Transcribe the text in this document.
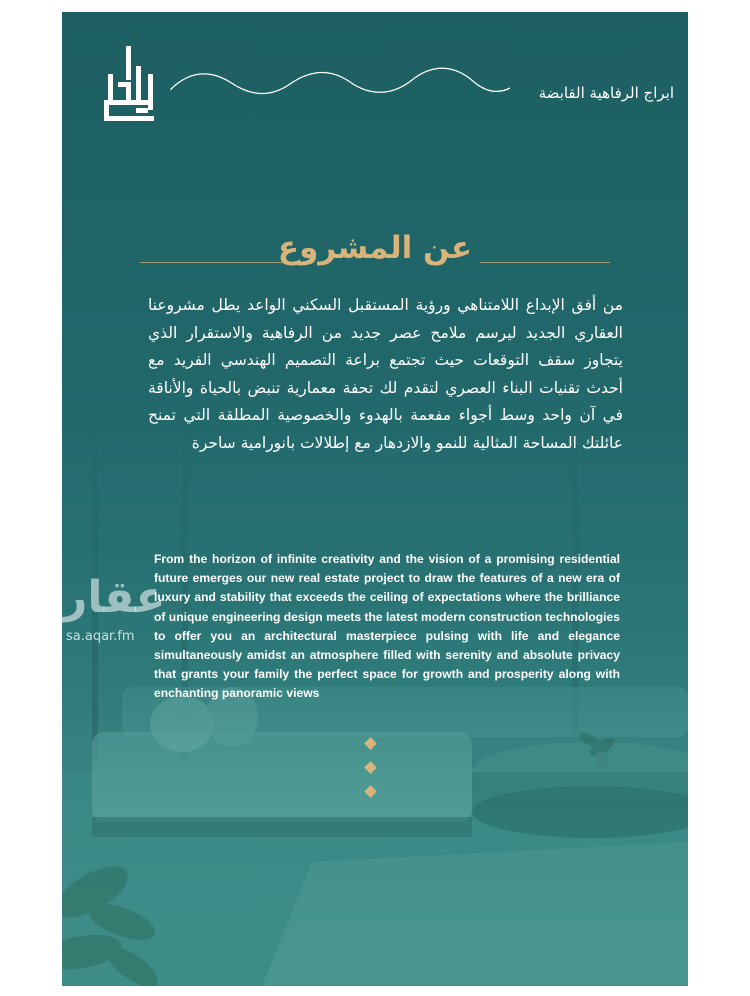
ابراج الرفاهية القابضة
عن المشروع
من أفق الإبداع اللامتناهي ورؤية المستقبل السكني الواعد يطل مشروعنا العقاري الجديد ليرسم ملامح عصر جديد من الرفاهية والاستقرار الذي يتجاوز سقف التوقعات حيث تجتمع براعة التصميم الهندسي الفريد مع أحدث تقنيات البناء العصري لتقدم لك تحفة معمارية تنبض بالحياة والأناقة في آن واحد وسط أجواء مفعمة بالهدوء والخصوصية المطلقة التي تمنح عائلتك المساحة المثالية للنمو والازدهار مع إطلالات بانورامية ساحرة
عقار
sa.aqar.fm
From the horizon of infinite creativity and the vision of a promising residential future emerges our new real estate project to draw the features of a new era of luxury and stability that exceeds the ceiling of expectations where the brilliance of unique engineering design meets the latest modern construction technologies to offer you an architectural masterpiece pulsing with life and elegance simultaneously amidst an atmosphere filled with serenity and absolute privacy that grants your family the perfect space for growth and prosperity along with enchanting panoramic views
